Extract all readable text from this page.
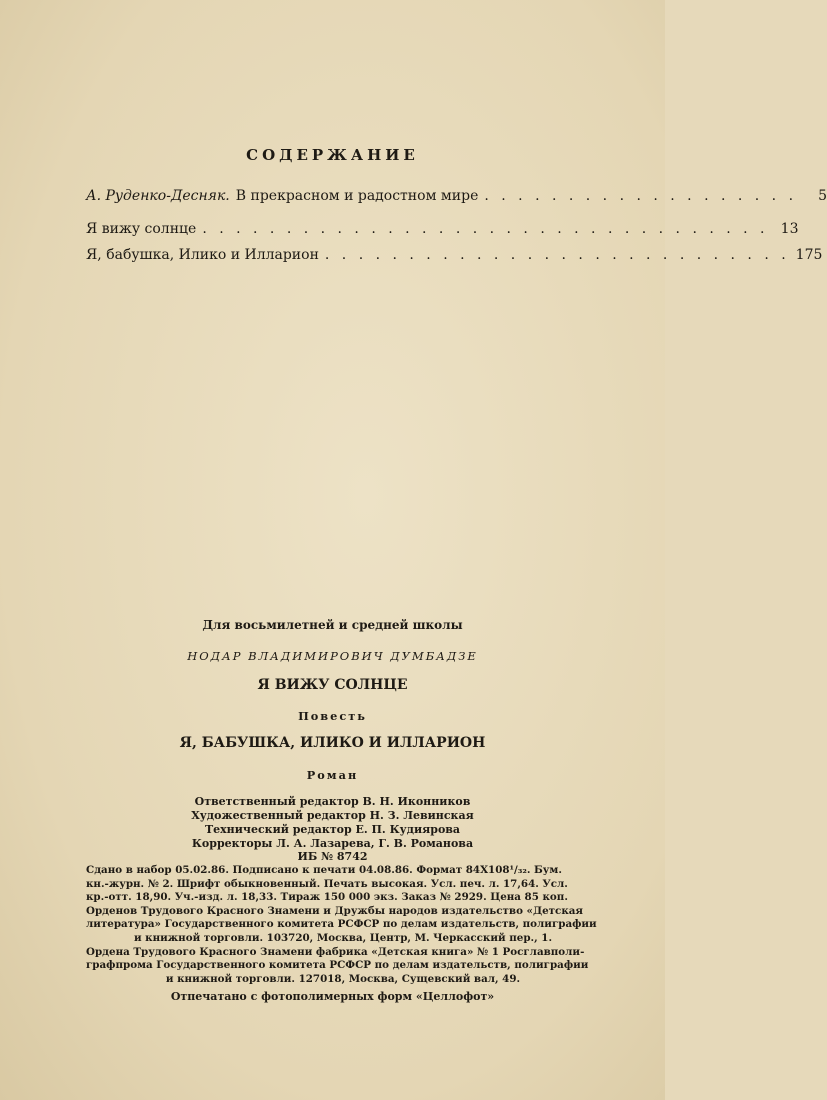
СОДЕРЖАНИЕ
А. Руденко-Десняк. В прекрасном и радостном мире . . . . . . . . . . . . . . . . . . .	5
Я вижу солнце . . . . . . . . . . . . . . . . . . . . . . . . . . . . . . . . . . 13
Я, бабушка, Илико и Илларион . . . . . . . . . . . . . . . . . . . . . . . . . . . . 175
Для восьмилетней и средней школы
НОДАР ВЛАДИМИРОВИЧ ДУМБАДЗЕ
Я ВИЖУ СОЛНЦЕ
Повесть
Я, БАБУШКА, ИЛИКО И ИЛЛАРИОН
Роман
Ответственный редактор В. Н. Иконников
Художественный редактор Н. З. Левинская
Технический редактор Е. П. Кудиярова
Корректоры Л. А. Лазарева, Г. В. Романова
ИБ № 8742
Сдано в набор 05.02.86. Подписано к печати 04.08.86. Формат 84Х108¹/₃₂. Бум.
кн.-журн. № 2. Шрифт обыкновенный. Печать высокая. Усл. печ. л. 17,64. Усл.
кр.-отт. 18,90. Уч.-изд. л. 18,33. Тираж 150 000 экз. Заказ № 2929. Цена 85 коп.
Орденов Трудового Красного Знамени и Дружбы народов издательство «Детская
литература» Государственного комитета РСФСР по делам издательств, полиграфии
и книжной торговли. 103720, Москва, Центр, М. Черкасский пер., 1.
Ордена Трудового Красного Знамени фабрика «Детская книга» № 1 Росглавполи-
графпрома Государственного комитета РСФСР по делам издательств, полиграфии
и книжной торговли. 127018, Москва, Сущевский вал, 49.
Отпечатано с фотополимерных форм «Целлофот»
